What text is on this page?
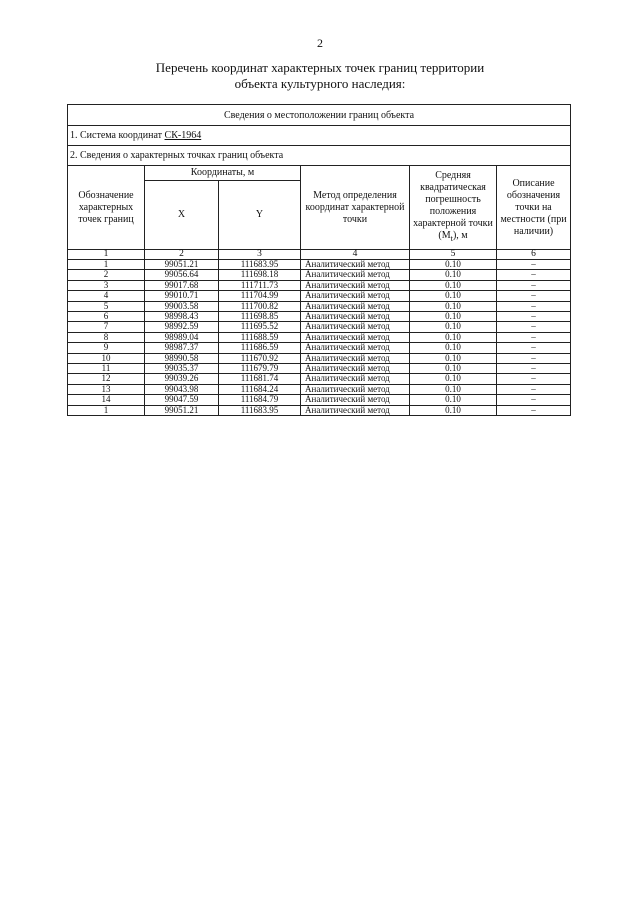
2
Перечень координат характерных точек границ территории
объекта культурного наследия:
Сведения о местоположении границ объекта					
1. Система координат СК-1964					
2. Сведения о характерных точках границ объекта					
Обозначение характерных точек границ	Координаты, м		Метод определения координат характерной точки	Средняя квадратическая погрешность положения характерной точки $(M_t)$, м	Описание обозначения точки на местности (при наличии)
	X	Y			
1	2	3	4	5	6
1	99051.21	111683.95	Аналитический метод	0.10	–
2	99056.64	111698.18	Аналитический метод	0.10	–
3	99017.68	111711.73	Аналитический метод	0.10	–
4	99010.71	111704.99	Аналитический метод	0.10	–
5	99003.58	111700.82	Аналитический метод	0.10	–
6	98998.43	111698.85	Аналитический метод	0.10	–
7	98992.59	111695.52	Аналитический метод	0.10	–
8	98989.04	111688.59	Аналитический метод	0.10	–
9	98987.37	111686.59	Аналитический метод	0.10	–
10	98990.58	111670.92	Аналитический метод	0.10	–
11	99035.37	111679.79	Аналитический метод	0.10	–
12	99039.26	111681.74	Аналитический метод	0.10	–
13	99043.98	111684.24	Аналитический метод	0.10	–
14	99047.59	111684.79	Аналитический метод	0.10	–
1	99051.21	111683.95	Аналитический метод	0.10	–
